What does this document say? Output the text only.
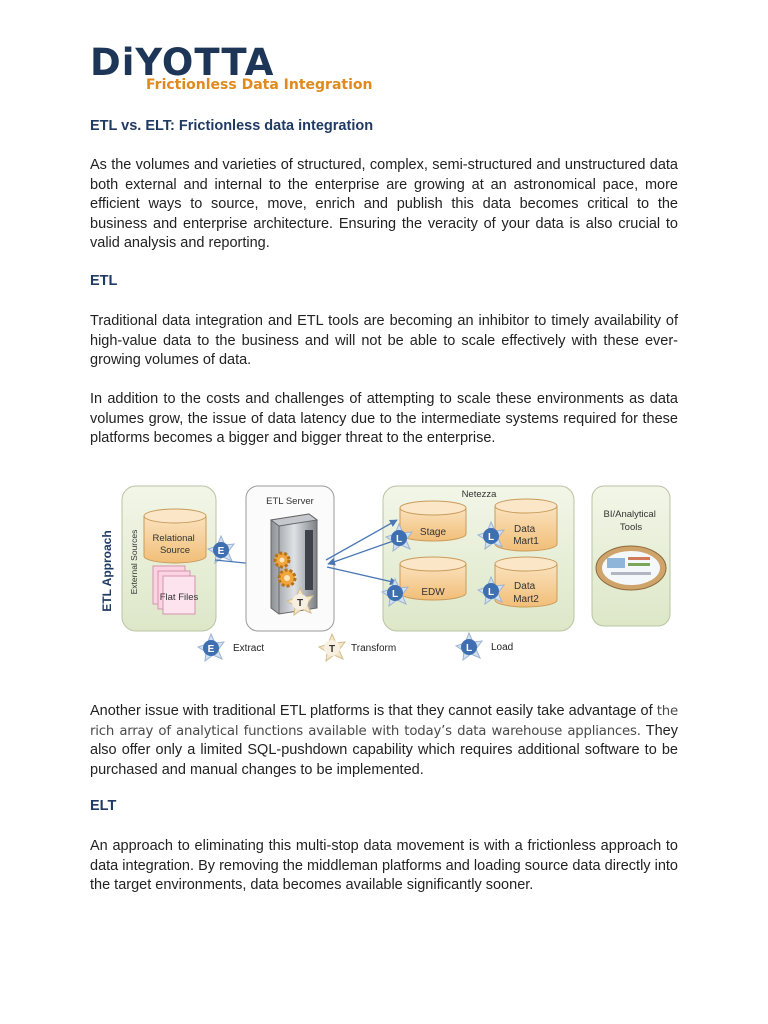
DiYOTTA
Frictionless Data Integration
ETL vs. ELT: Frictionless data integration

As the volumes and varieties of structured, complex, semi-structured and unstructured data both external and internal to the enterprise are growing at an astronomical pace, more efficient ways to source, move, enrich and publish this data becomes critical to the business and enterprise architecture. Ensuring the veracity of your data is also crucial to valid analysis and reporting.

ETL

Traditional data integration and ETL tools are becoming an inhibitor to timely availability of high-value data to the business and will not be able to scale effectively with these ever-growing volumes of data.

In addition to the costs and challenges of attempting to scale these environments as data volumes grow, the issue of data latency due to the intermediate systems required for these platforms becomes a bigger and bigger threat to the enterprise.

ETL Approach External Sources Relational Source
Flat Files
E
ETL Server
T
Netezza
Stage
EDW
Data Mart1
Data Mart2
L	L
L	L
BI/Analytical Tools
E Extract	T Transform	L Load

Another issue with traditional ETL platforms is that they cannot easily take advantage of the rich array of analytical functions available with today’s data warehouse appliances. They also offer only a limited SQL-pushdown capability which requires additional software to be purchased and manual changes to be implemented.

ELT

An approach to eliminating this multi-stop data movement is with a frictionless approach to data integration. By removing the middleman platforms and loading source data directly into the target environments, data becomes available significantly sooner.
